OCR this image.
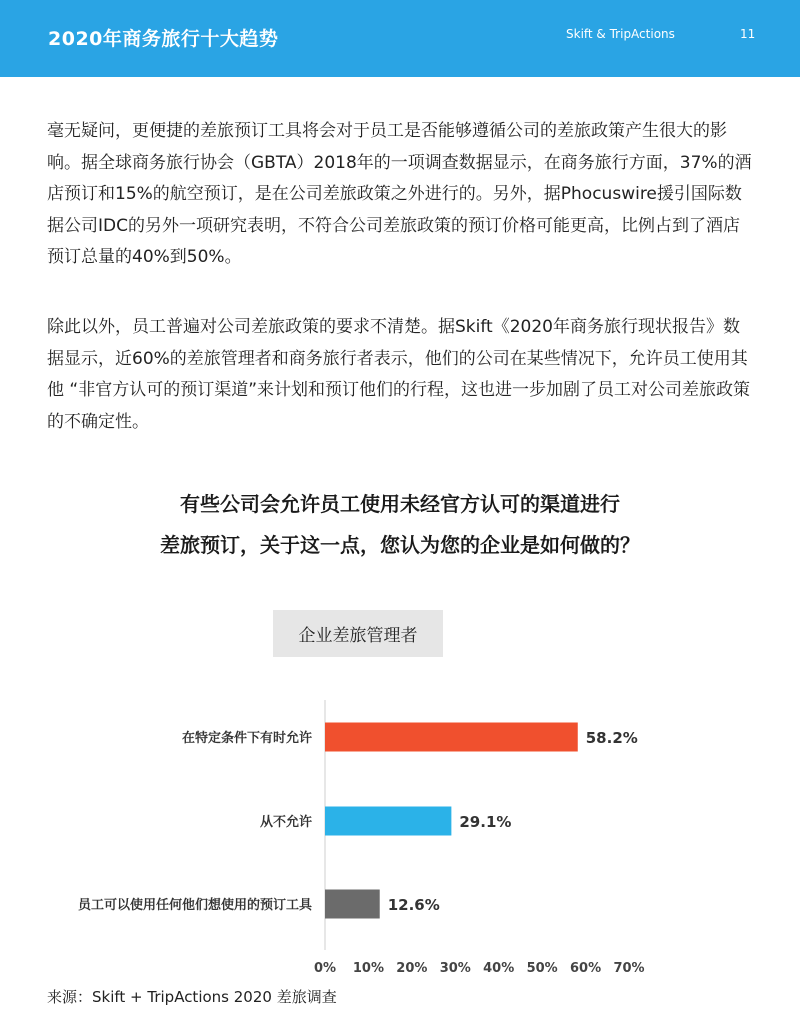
2020年商务旅行十大趋势	Skift & TripActions	11

毫无疑问，更便捷的差旅预订工具将会对于员工是否能够遵循公司的差旅政策产生很大的影响。据全球商务旅行协会（GBTA）2018年的一项调查数据显示，在商务旅行方面，37%的酒店预订和15%的航空预订，是在公司差旅政策之外进行的。另外，据Phocuswire援引国际数据公司IDC的另外一项研究表明，不符合公司差旅政策的预订价格可能更高，比例占到了酒店预订总量的40%到50%。

除此以外，员工普遍对公司差旅政策的要求不清楚。据Skift《2020年商务旅行现状报告》数据显示，近60%的差旅管理者和商务旅行者表示，他们的公司在某些情况下，允许员工使用其他 “非官方认可的预订渠道”来计划和预订他们的行程，这也进一步加剧了员工对公司差旅政策的不确定性。

有些公司会允许员工使用未经官方认可的渠道进行
差旅预订，关于这一点，您认为您的企业是如何做的？
企业差旅管理者
在特定条件下有时允许	58.2%
从不允许	29.1%
员工可以使用任何他们想使用的预订工具	12.6%
0% 10% 20% 30% 40% 50% 60% 70%
来源：Skift + TripActions 2020 差旅调查
